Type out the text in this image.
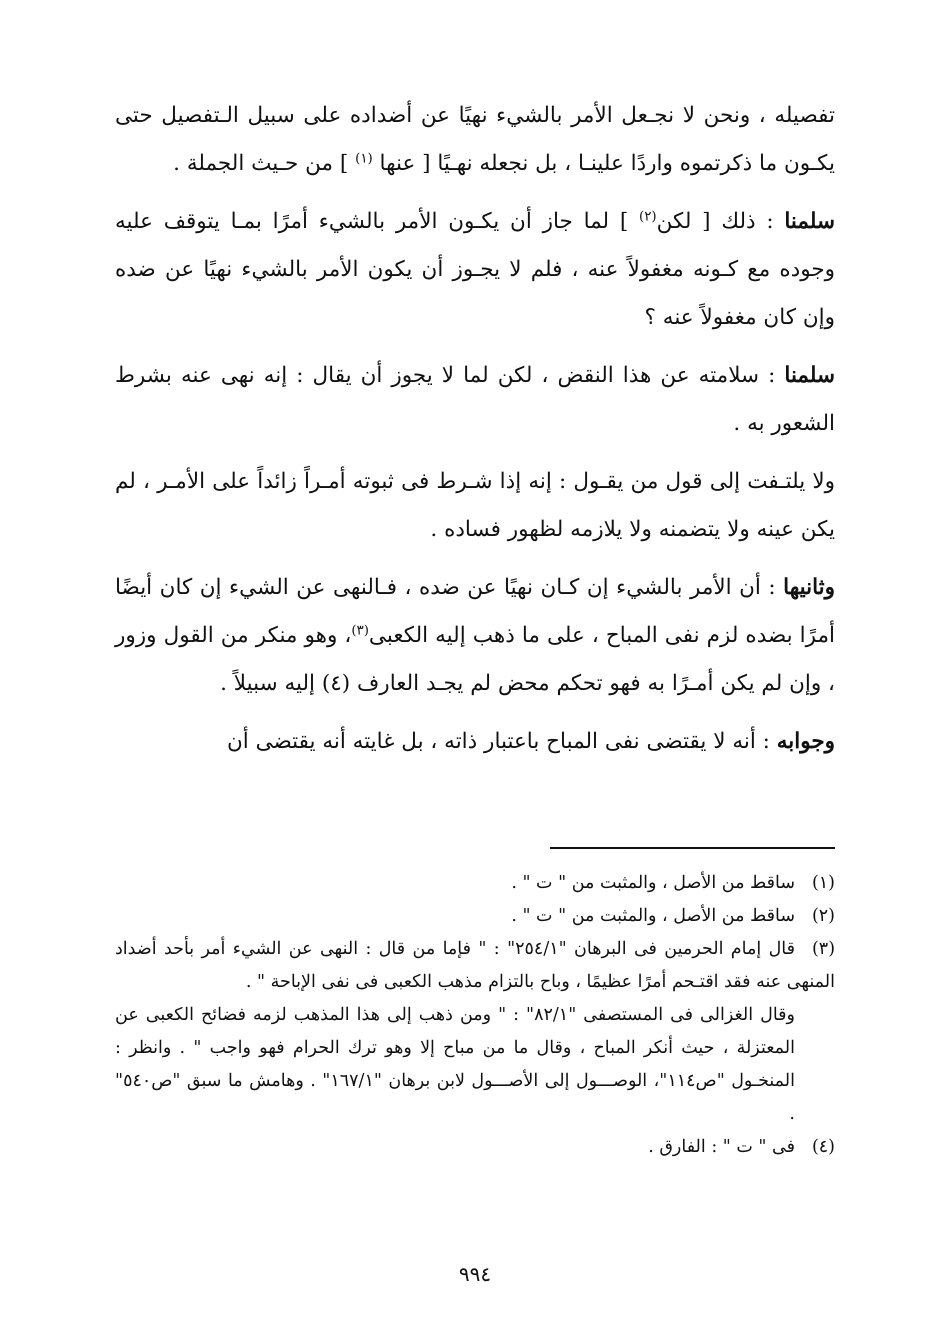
تفصيله ، ونحن لا نجـعل الأمر بالشيء نهيًا عن أضداده على سبيل الـتفصيل حتى يكـون ما ذكرتموه واردًا علينـا ، بل نجعله نهـيًا [ عنها $^{(١)}$ ] من حـيث الجملة .

سلمنا : ذلك [ لكن$^{(٢)}$ ] لما جاز أن يكـون الأمر بالشيء أمرًا بمـا يتوقف عليه وجوده مع كـونه مغفولاً عنه ، فلم لا يجـوز أن يكون الأمر بالشيء نهيًا عن ضده وإن كان مغفولاً عنه ؟

سلمنا : سلامته عن هذا النقض ، لكن لما لا يجوز أن يقال : إنه نهى عنه بشرط الشعور به .

ولا يلتـفت إلى قول من يقـول : إنه إذا شـرط فى ثبوته أمـراً زائداً على الأمـر ، لم يكن عينه ولا يتضمنه ولا يلازمه لظهور فساده .

وثانيها : أن الأمر بالشيء إن كـان نهيًا عن ضده ، فـالنهى عن الشيء إن كان أيضًا أمرًا بضده لزم نفى المباح ، على ما ذهب إليه الكعبى$^{(٣)}$، وهو منكر من القول وزور ، وإن لم يكن أمـرًا به فهو تحكم محض لم يجـد العارف (٤) إليه سبيلاً .

وجوابه : أنه لا يقتضى نفى المباح باعتبار ذاته ، بل غايته أنه يقتضى أن

(١)ساقط من الأصل ، والمثبت من " ت " .

(٢)ساقط من الأصل ، والمثبت من " ت " .

(٣)قال إمام الحرمين فى البرهان "٢٥٤/١" : " فإما من قال : النهى عن الشيء أمر بأحد أضداد المنهى عنه فقد اقتـحم أمرًا عظيمًا ، وباح بالتزام مذهب الكعبى فى نفى الإباحة " .

وقال الغزالى فى المستصفى "٨٢/١" : " ومن ذهب إلى هذا المذهب لزمه فضائح الكعبى عن المعتزلة ، حيث أنكر المباح ، وقال ما من مباح إلا وهو ترك الحرام فهو واجب " . وانظر : المنخـول "ص١١٤"، الوصـــول إلى الأصـــول لابن برهان "١٦٧/١" . وهامش ما سبق "ص٥٤٠" .

(٤)فى " ت " : الفارق .

٩٩٤
